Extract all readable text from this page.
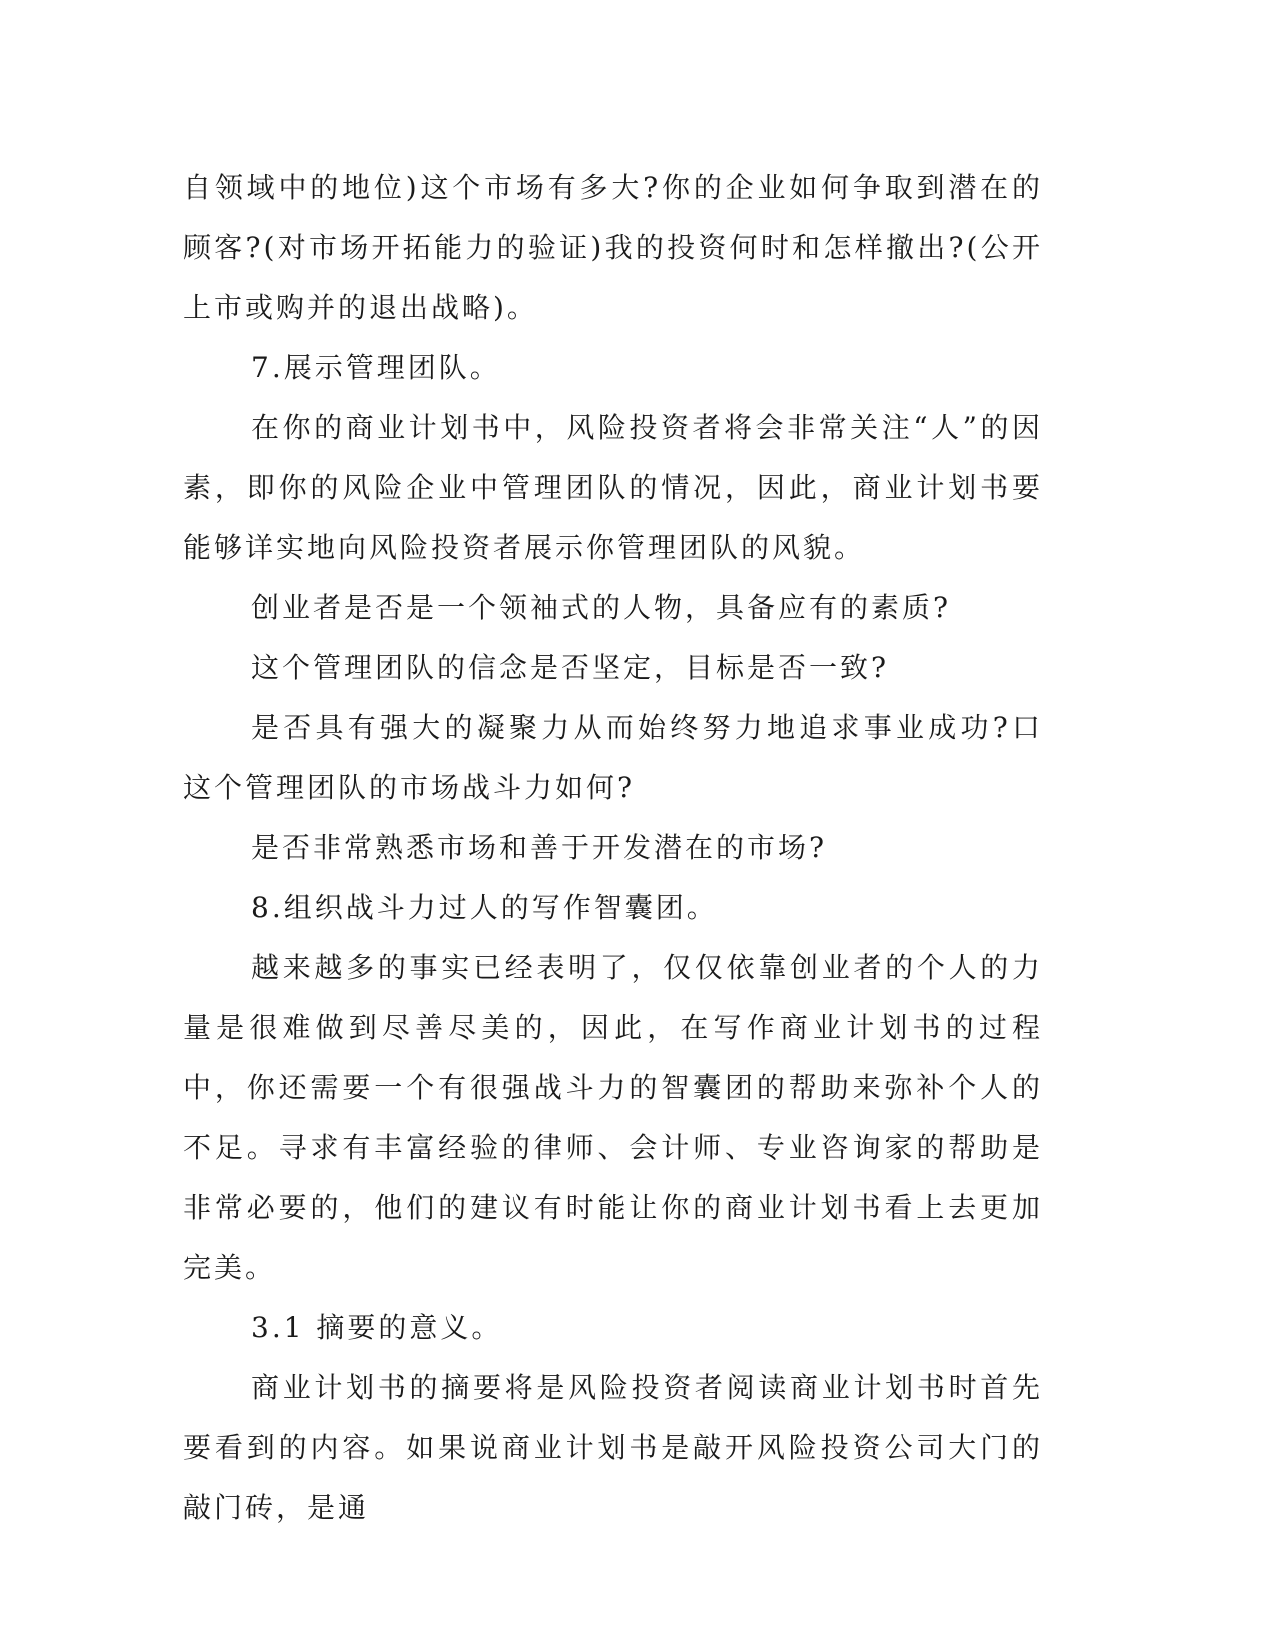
自领域中的地位)这个市场有多大?你的企业如何争取到潜在的顾客?(对市场开拓能力的验证)我的投资何时和怎样撤出?(公开上市或购并的退出战略)。

7.展示管理团队。

在你的商业计划书中，风险投资者将会非常关注“人”的因素，即你的风险企业中管理团队的情况，因此，商业计划书要能够详实地向风险投资者展示你管理团队的风貌。

创业者是否是一个领袖式的人物，具备应有的素质?

这个管理团队的信念是否坚定，目标是否一致?

是否具有强大的凝聚力从而始终努力地追求事业成功?口这个管理团队的市场战斗力如何?

是否非常熟悉市场和善于开发潜在的市场?

8.组织战斗力过人的写作智囊团。

越来越多的事实已经表明了，仅仅依靠创业者的个人的力量是很难做到尽善尽美的，因此，在写作商业计划书的过程中，你还需要一个有很强战斗力的智囊团的帮助来弥补个人的不足。寻求有丰富经验的律师、会计师、专业咨询家的帮助是非常必要的，他们的建议有时能让你的商业计划书看上去更加完美。

3.1 摘要的意义。

商业计划书的摘要将是风险投资者阅读商业计划书时首先要看到的内容。如果说商业计划书是敲开风险投资公司大门的敲门砖，是通
